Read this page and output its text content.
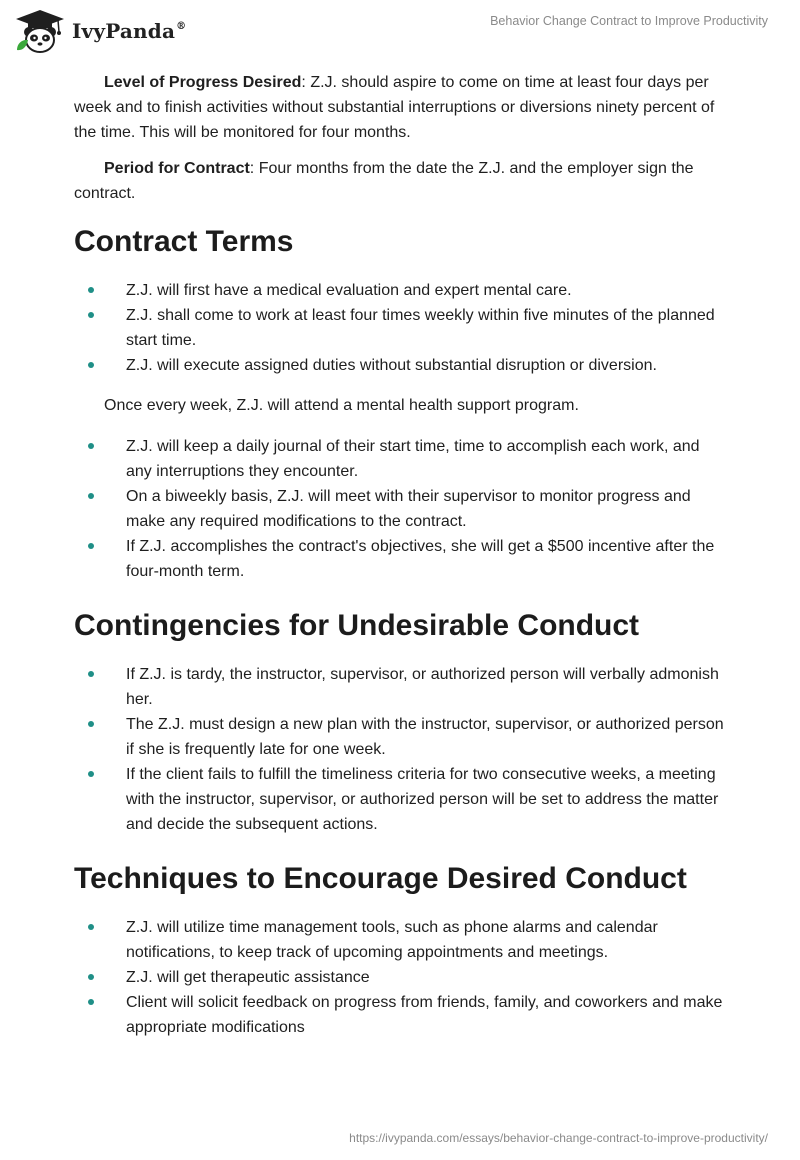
IvyPanda®	Behavior Change Contract to Improve Productivity

Level of Progress Desired: Z.J. should aspire to come on time at least four days per week and to finish activities without substantial interruptions or diversions ninety percent of the time. This will be monitored for four months.

Period for Contract: Four months from the date the Z.J. and the employer sign the contract.

Contract Terms
Z.J. will first have a medical evaluation and expert mental care.
Z.J. shall come to work at least four times weekly within five minutes of the planned start time.
Z.J. will execute assigned duties without substantial disruption or diversion.

Once every week, Z.J. will attend a mental health support program.

Z.J. will keep a daily journal of their start time, time to accomplish each work, and any interruptions they encounter.
On a biweekly basis, Z.J. will meet with their supervisor to monitor progress and make any required modifications to the contract.
If Z.J. accomplishes the contract's objectives, she will get a $500 incentive after the four-month term.
Contingencies for Undesirable Conduct
If Z.J. is tardy, the instructor, supervisor, or authorized person will verbally admonish her.
The Z.J. must design a new plan with the instructor, supervisor, or authorized person if she is frequently late for one week.
If the client fails to fulfill the timeliness criteria for two consecutive weeks, a meeting with the instructor, supervisor, or authorized person will be set to address the matter and decide the subsequent actions.
Techniques to Encourage Desired Conduct
Z.J. will utilize time management tools, such as phone alarms and calendar notifications, to keep track of upcoming appointments and meetings.
Z.J. will get therapeutic assistance
Client will solicit feedback on progress from friends, family, and coworkers and make appropriate modifications
https://ivypanda.com/essays/behavior-change-contract-to-improve-productivity/
